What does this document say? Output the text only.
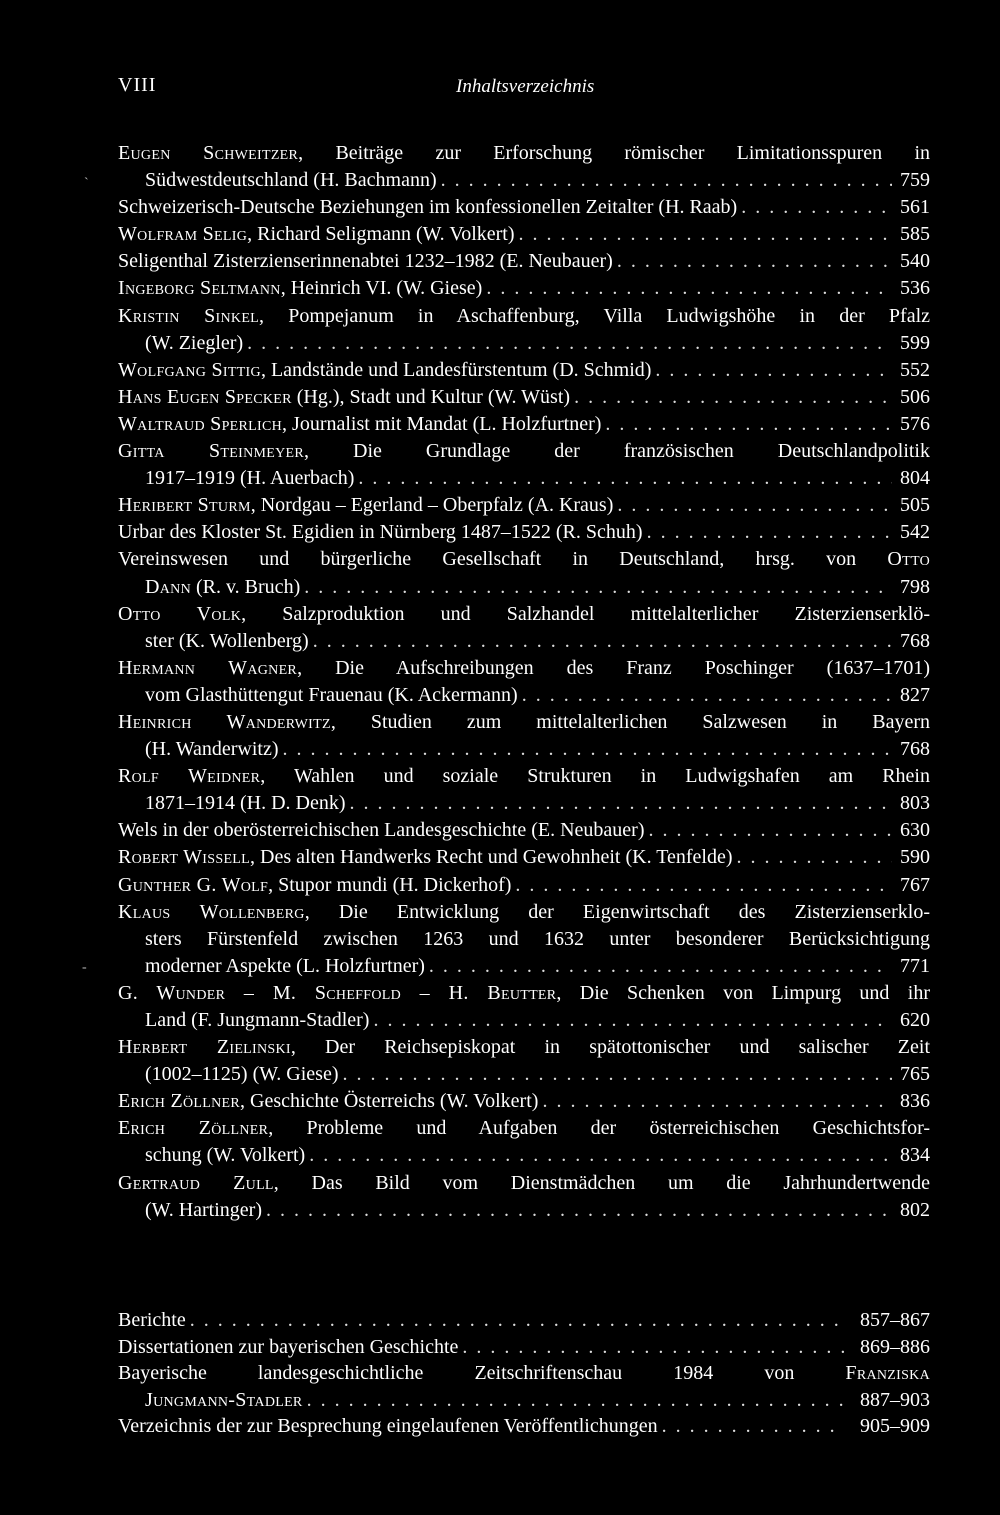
VIII	Inhaltsverzeichnis
`
-
Eugen Schweitzer, Beiträge zur Erforschung römischer Limitationsspuren in
Südwestdeutschland (H. Bachmann) . . .	759
Schweizerisch-Deutsche Beziehungen im konfessionellen Zeitalter (H. Raab) . . .	561
Wolfram Selig, Richard Seligmann (W. Volkert) . . .	585
Seligenthal Zisterzienserinnenabtei 1232–1982 (E. Neubauer) . . .	540
Ingeborg Seltmann, Heinrich VI. (W. Giese) . . .	536
Kristin Sinkel, Pompejanum in Aschaffenburg, Villa Ludwigshöhe in der Pfalz
(W. Ziegler) . . .	599
Wolfgang Sittig, Landstände und Landesfürstentum (D. Schmid) . . .	552
Hans Eugen Specker (Hg.), Stadt und Kultur (W. Wüst) . . .	506
Waltraud Sperlich, Journalist mit Mandat (L. Holzfurtner) . . .	576
Gitta Steinmeyer, Die Grundlage der französischen Deutschlandpolitik
1917–1919 (H. Auerbach) . . .	804
Heribert Sturm, Nordgau – Egerland – Oberpfalz (A. Kraus) . . .	505
Urbar des Kloster St. Egidien in Nürnberg 1487–1522 (R. Schuh) . . .	542
Vereinswesen und bürgerliche Gesellschaft in Deutschland, hrsg. von Otto
Dann (R. v. Bruch) . . .	798
Otto Volk, Salzproduktion und Salzhandel mittelalterlicher Zisterzienserklö-
ster (K. Wollenberg) . . .	768
Hermann Wagner, Die Aufschreibungen des Franz Poschinger (1637–1701)
vom Glasthüttengut Frauenau (K. Ackermann) . . .	827
Heinrich Wanderwitz, Studien zum mittelalterlichen Salzwesen in Bayern
(H. Wanderwitz) . . .	768
Rolf Weidner, Wahlen und soziale Strukturen in Ludwigshafen am Rhein
1871–1914 (H. D. Denk) . . .	803
Wels in der oberösterreichischen Landesgeschichte (E. Neubauer) . . .	630
Robert Wissell, Des alten Handwerks Recht und Gewohnheit (K. Tenfelde) . . .	590
Gunther G. Wolf, Stupor mundi (H. Dickerhof) . . .	767
Klaus Wollenberg, Die Entwicklung der Eigenwirtschaft des Zisterzienserklo-
sters Fürstenfeld zwischen 1263 und 1632 unter besonderer Berücksichtigung
moderner Aspekte (L. Holzfurtner) . . .	771
G. Wunder – M. Scheffold – H. Beutter, Die Schenken von Limpurg und ihr
Land (F. Jungmann-Stadler) . . .	620
Herbert Zielinski, Der Reichsepiskopat in spätottonischer und salischer Zeit
(1002–1125) (W. Giese) . . .	765
Erich Zöllner, Geschichte Österreichs (W. Volkert) . . .	836
Erich Zöllner, Probleme und Aufgaben der österreichischen Geschichtsfor-
schung (W. Volkert) . . .	834
Gertraud Zull, Das Bild vom Dienstmädchen um die Jahrhundertwende
(W. Hartinger) . . .	802
Berichte . . .	857–867
Dissertationen zur bayerischen Geschichte . . .	869–886
Bayerische landesgeschichtliche Zeitschriftenschau 1984 von Franziska
Jungmann-Stadler . . .	887–903
Verzeichnis der zur Besprechung eingelaufenen Veröffentlichungen . . .	905–909
